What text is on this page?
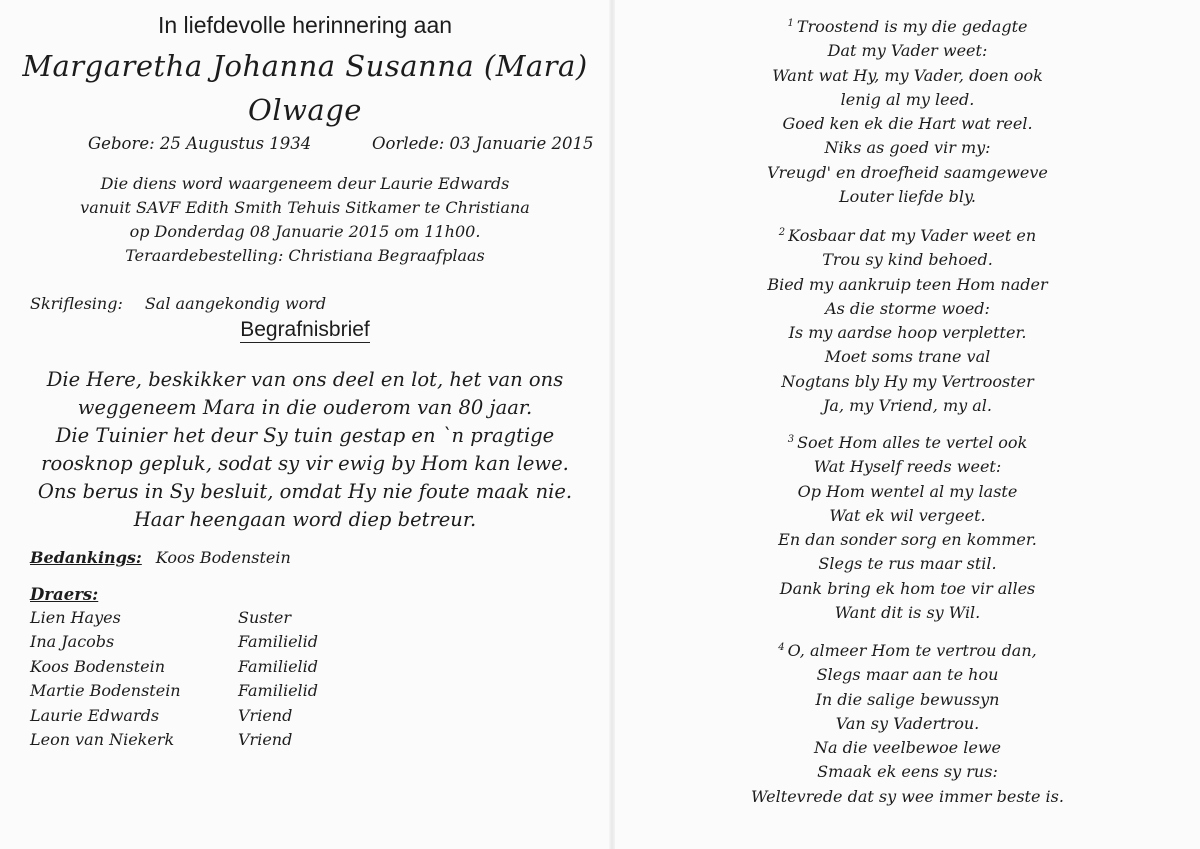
In liefdevolle herinnering aan
Margaretha Johanna Susanna (Mara)
Olwage
Gebore: 25 Augustus 1934	Oorlede: 03 Januarie 2015
Die diens word waargeneem deur Laurie Edwards
vanuit SAVF Edith Smith Tehuis Sitkamer te Christiana
op Donderdag 08 Januarie 2015 om 11h00.
Teraardebestelling: Christiana Begraafplaas
Skriflesing: Sal aangekondig word
Begrafnisbrief
Die Here, beskikker van ons deel en lot, het van ons
weggeneem Mara in die ouderom van 80 jaar.
Die Tuinier het deur Sy tuin gestap en `n pragtige
roosknop gepluk, sodat sy vir ewig by Hom kan lewe.
Ons berus in Sy besluit, omdat Hy nie foute maak nie.
Haar heengaan word diep betreur.
Bedankings: Koos Bodenstein
Draers:
Lien Hayes	Suster
Ina Jacobs	Familielid
Koos Bodenstein	Familielid
Martie Bodenstein	Familielid
Laurie Edwards	Vriend
Leon van Niekerk	Vriend
$^1$ Troostend is my die gedagte
Dat my Vader weet:
Want wat Hy, my Vader, doen ook
lenig al my leed.
Goed ken ek die Hart wat reel.
Niks as goed vir my:
Vreugd' en droefheid saamgeweve
Louter liefde bly.
$^2$ Kosbaar dat my Vader weet en
Trou sy kind behoed.
Bied my aankruip teen Hom nader
As die storme woed:
Is my aardse hoop verpletter.
Moet soms trane val
Nogtans bly Hy my Vertrooster
Ja, my Vriend, my al.
$^3$ Soet Hom alles te vertel ook
Wat Hyself reeds weet:
Op Hom wentel al my laste
Wat ek wil vergeet.
En dan sonder sorg en kommer.
Slegs te rus maar stil.
Dank bring ek hom toe vir alles
Want dit is sy Wil.
$^4$ O, almeer Hom te vertrou dan,
Slegs maar aan te hou
In die salige bewussyn
Van sy Vadertrou.
Na die veelbewoe lewe
Smaak ek eens sy rus:
Weltevrede dat sy wee immer beste is.
